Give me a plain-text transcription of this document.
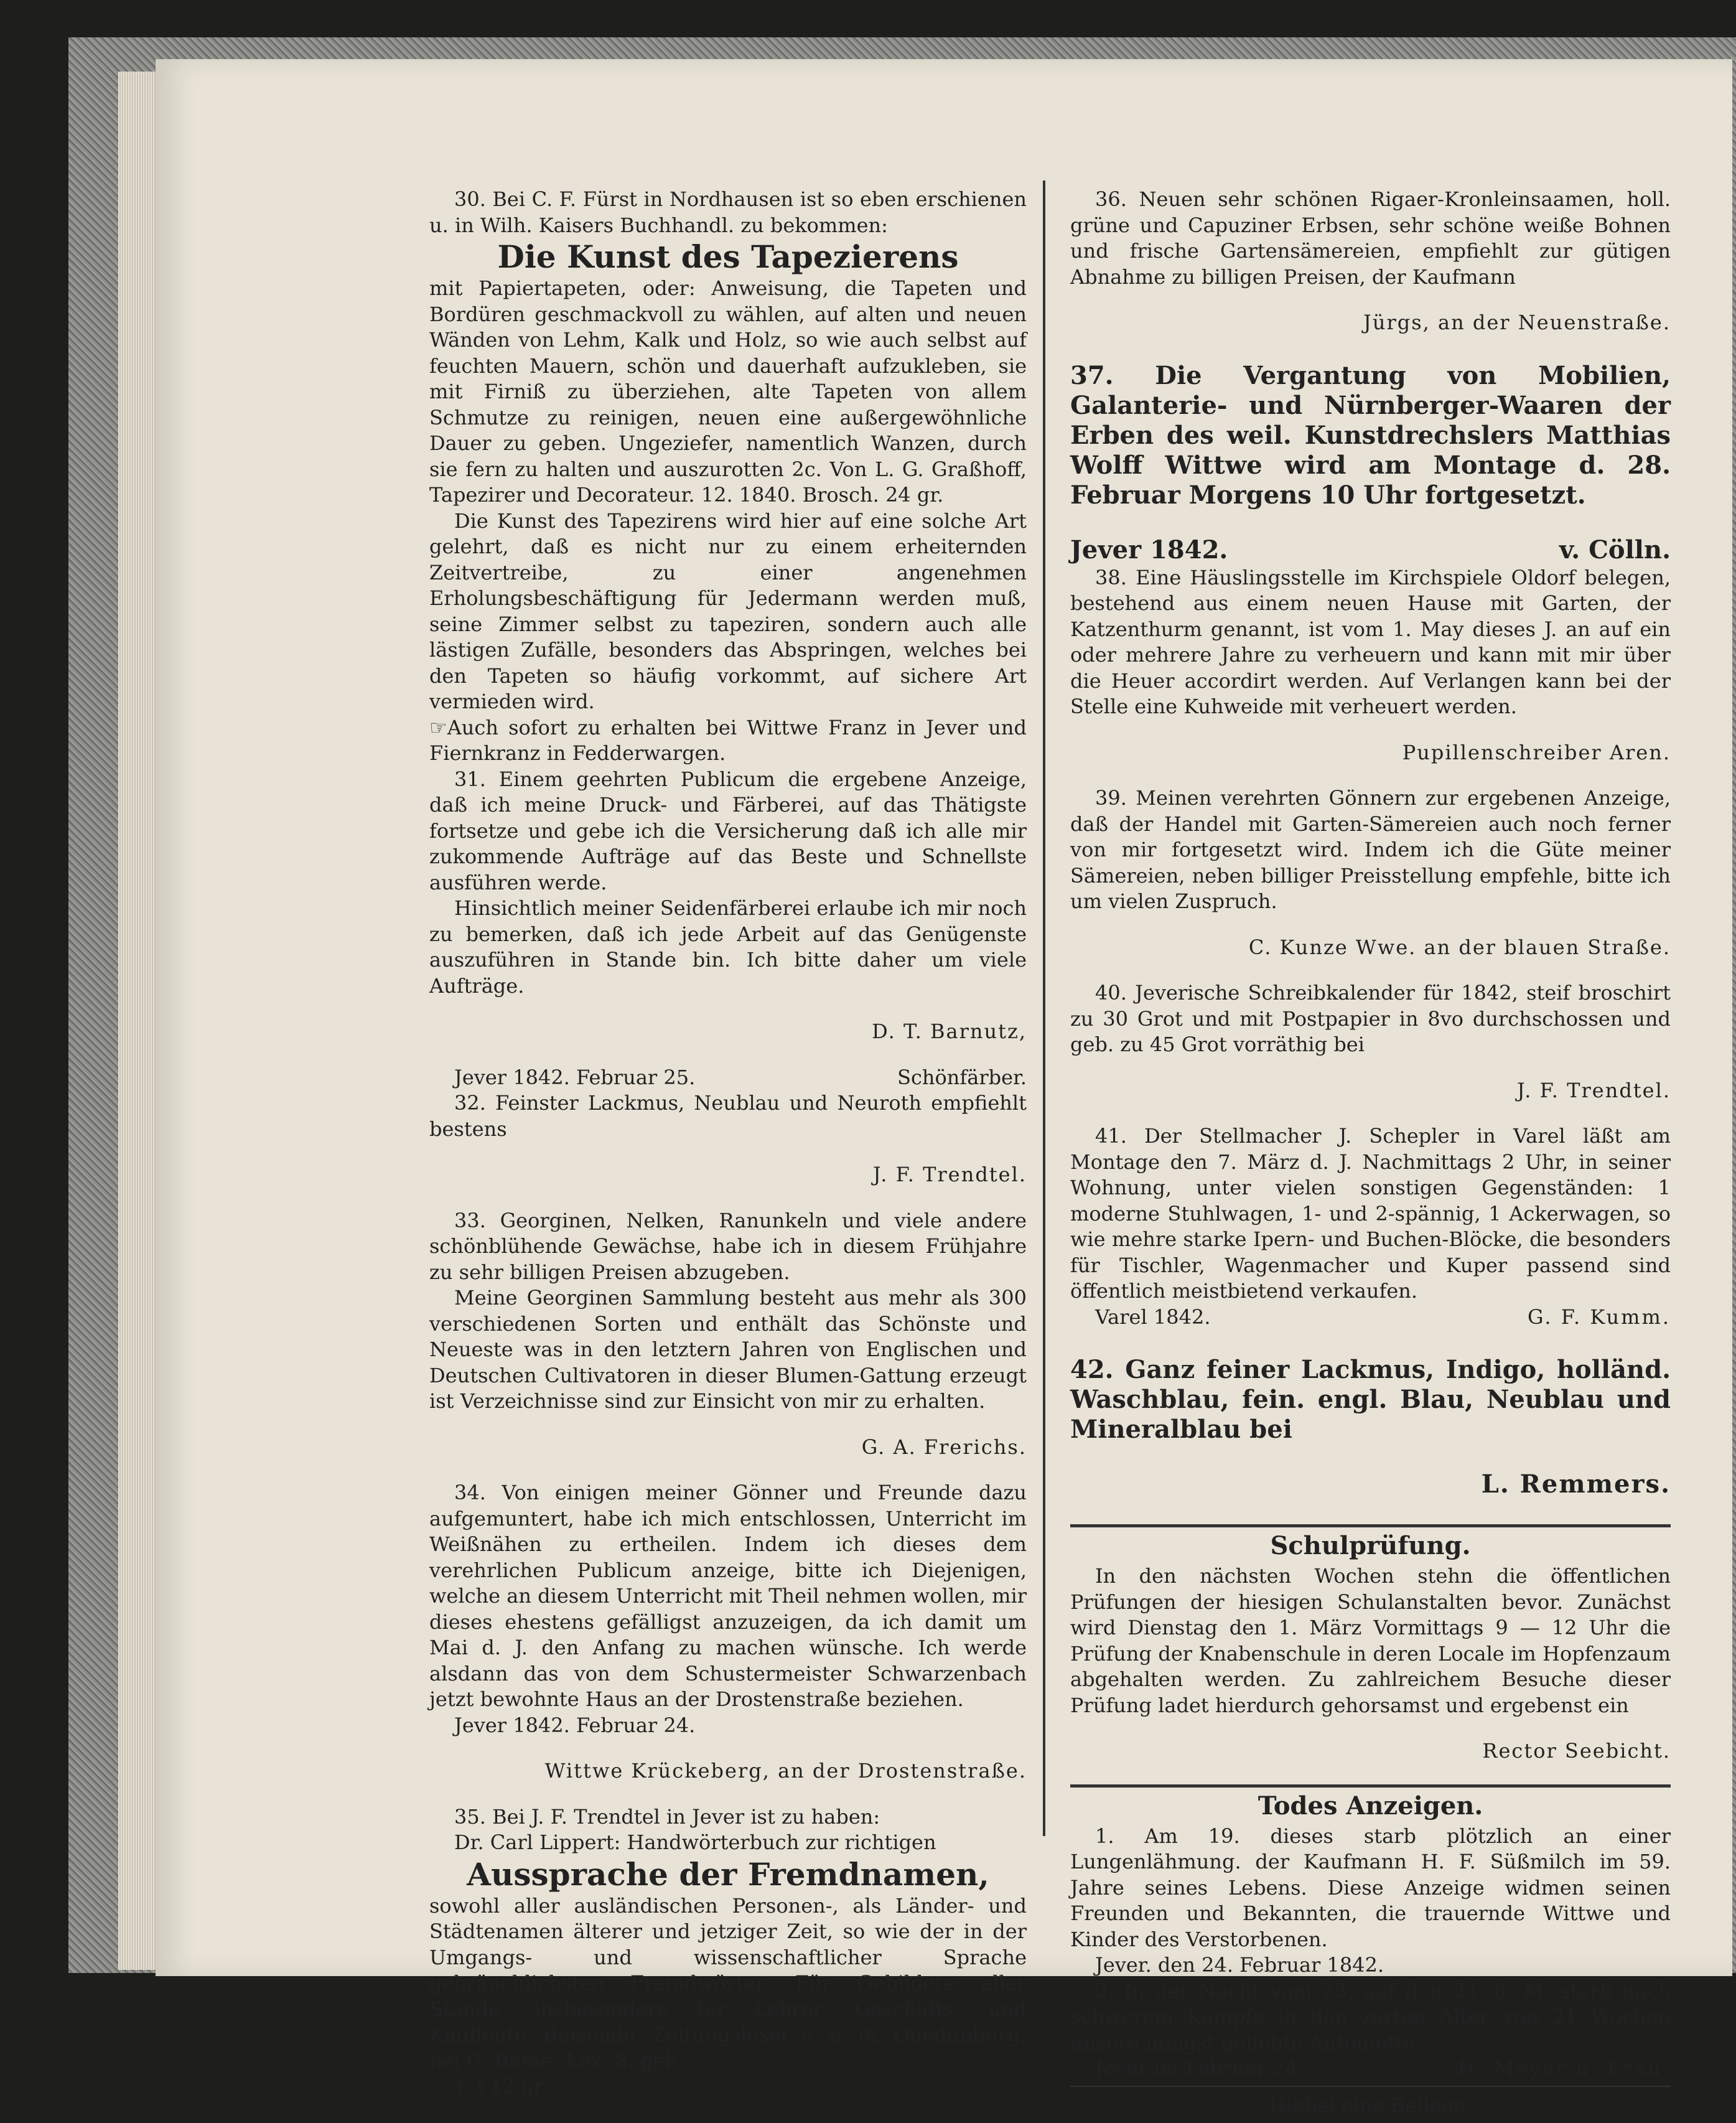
30. Bei C. F. Fürst in Nordhausen ist so eben erschienen u. in Wilh. Kaisers Buchhandl. zu bekommen:

Die Kunst des Tapezierens

mit Papiertapeten, oder: Anweisung, die Tapeten und Bordüren geschmackvoll zu wählen, auf alten und neuen Wänden von Lehm, Kalk und Holz, so wie auch selbst auf feuchten Mauern, schön und dauerhaft aufzukleben, sie mit Firniß zu überziehen, alte Tapeten von allem Schmutze zu reinigen, neuen eine außergewöhnliche Dauer zu geben. Ungeziefer, namentlich Wanzen, durch sie fern zu halten und auszurotten 2c. Von L. G. Graßhoff, Tapezirer und Decorateur. 12. 1840. Brosch. 24 gr.

Die Kunst des Tapezirens wird hier auf eine solche Art gelehrt, daß es nicht nur zu einem erheiternden Zeitvertreibe, zu einer angenehmen Erholungsbeschäftigung für Jedermann werden muß, seine Zimmer selbst zu tapeziren, sondern auch alle lästigen Zufälle, besonders das Abspringen, welches bei den Tapeten so häufig vorkommt, auf sichere Art vermieden wird.

☞Auch sofort zu erhalten bei Wittwe Franz in Jever und Fiernkranz in Fedderwargen.

31. Einem geehrten Publicum die ergebene Anzeige, daß ich meine Druck- und Färberei, auf das Thätigste fortsetze und gebe ich die Versicherung daß ich alle mir zukommende Aufträge auf das Beste und Schnellste ausführen werde.

Hinsichtlich meiner Seidenfärberei erlaube ich mir noch zu bemerken, daß ich jede Arbeit auf das Genügenste auszuführen in Stande bin. Ich bitte daher um viele Aufträge.

D. T. Barnutz,

Jever 1842. Februar 25.	Schönfärber.

32. Feinster Lackmus, Neublau und Neuroth empfiehlt bestens

J. F. Trendtel.

33. Georginen, Nelken, Ranunkeln und viele andere schönblühende Gewächse, habe ich in diesem Frühjahre zu sehr billigen Preisen abzugeben.

Meine Georginen Sammlung besteht aus mehr als 300 verschiedenen Sorten und enthält das Schönste und Neueste was in den letztern Jahren von Englischen und Deutschen Cultivatoren in dieser Blumen-Gattung erzeugt ist Verzeichnisse sind zur Einsicht von mir zu erhalten.

G. A. Frerichs.

34. Von einigen meiner Gönner und Freunde dazu aufgemuntert, habe ich mich entschlossen, Unterricht im Weißnähen zu ertheilen. Indem ich dieses dem verehrlichen Publicum anzeige, bitte ich Diejenigen, welche an diesem Unterricht mit Theil nehmen wollen, mir dieses ehestens gefälligst anzuzeigen, da ich damit um Mai d. J. den Anfang zu machen wünsche. Ich werde alsdann das von dem Schustermeister Schwarzenbach jetzt bewohnte Haus an der Drostenstraße beziehen.

Jever 1842. Februar 24.

Wittwe Krückeberg, an der Drostenstraße.

35. Bei J. F. Trendtel in Jever ist zu haben:

Dr. Carl Lippert: Handwörterbuch zur richtigen

Aussprache der Fremdnamen,

sowohl aller ausländischen Personen-, als Länder- und Städtenamen älterer und jetziger Zeit, so wie der in der Umgangs- und wissenschaftlicher Sprache gebräuchlichsten Fremdwörter. Für Gebildete aller Stände, insbesondere für Lehrer, Geschäfts- und Kaufleute, Reisende, Zeitungsleser u. a. m. Quedlinburg, bei G. Basse. Lex.-8. geh.

1 ₰ 12 gr.

36. Neuen sehr schönen Rigaer-Kronleinsaamen, holl. grüne und Capuziner Erbsen, sehr schöne weiße Bohnen und frische Gartensämereien, empfiehlt zur gütigen Abnahme zu billigen Preisen, der Kaufmann

Jürgs, an der Neuenstraße.

37. Die Vergantung von Mobilien, Galanterie- und Nürnberger-Waaren der Erben des weil. Kunstdrechslers Matthias Wolff Wittwe wird am Montage d. 28. Februar Morgens 10 Uhr fortgesetzt.

Jever 1842.	v. Cölln.

38. Eine Häuslingsstelle im Kirchspiele Oldorf belegen, bestehend aus einem neuen Hause mit Garten, der Katzenthurm genannt, ist vom 1. May dieses J. an auf ein oder mehrere Jahre zu verheuern und kann mit mir über die Heuer accordirt werden. Auf Verlangen kann bei der Stelle eine Kuhweide mit verheuert werden.

Pupillenschreiber Aren.

39. Meinen verehrten Gönnern zur ergebenen Anzeige, daß der Handel mit Garten-Sämereien auch noch ferner von mir fortgesetzt wird. Indem ich die Güte meiner Sämereien, neben billiger Preisstellung empfehle, bitte ich um vielen Zuspruch.

C. Kunze Wwe. an der blauen Straße.

40. Jeverische Schreibkalender für 1842, steif broschirt zu 30 Grot und mit Postpapier in 8vo durchschossen und geb. zu 45 Grot vorräthig bei

J. F. Trendtel.

41. Der Stellmacher J. Schepler in Varel läßt am Montage den 7. März d. J. Nachmittags 2 Uhr, in seiner Wohnung, unter vielen sonstigen Gegenständen: 1 moderne Stuhlwagen, 1- und 2-spännig, 1 Ackerwagen, so wie mehre starke Ipern- und Buchen-Blöcke, die besonders für Tischler, Wagenmacher und Kuper passend sind öffentlich meistbietend verkaufen.

Varel 1842.	G. F. Kumm.

42. Ganz feiner Lackmus, Indigo, holländ. Waschblau, fein. engl. Blau, Neublau und Mineralblau bei

L. Remmers.

Schulprüfung.

In den nächsten Wochen stehn die öffentlichen Prüfungen der hiesigen Schulanstalten bevor. Zunächst wird Dienstag den 1. März Vormittags 9 — 12 Uhr die Prüfung der Knabenschule in deren Locale im Hopfenzaum abgehalten werden. Zu zahlreichem Besuche dieser Prüfung ladet hierdurch gehorsamst und ergebenst ein

Rector Seebicht.

Todes Anzeigen.

1. Am 19. dieses starb plötzlich an einer Lungenlähmung. der Kaufmann H. F. Süßmilch im 59. Jahre seines Lebens. Diese Anzeige widmen seinen Freunden und Bekannten, die trauernde Wittwe und Kinder des Verstorbenen.

Jever. den 24. Februar 1842.

2. In der Nacht vom 23. auf den 24. d. M. starb nach schwerem Kampfe in den zarten Alter von 21 Wochen unsere innigst geliebte Antoinette.

Jever im Februar 24.	H. Meyer u. Frau.

Hiebei eine Beilage.
